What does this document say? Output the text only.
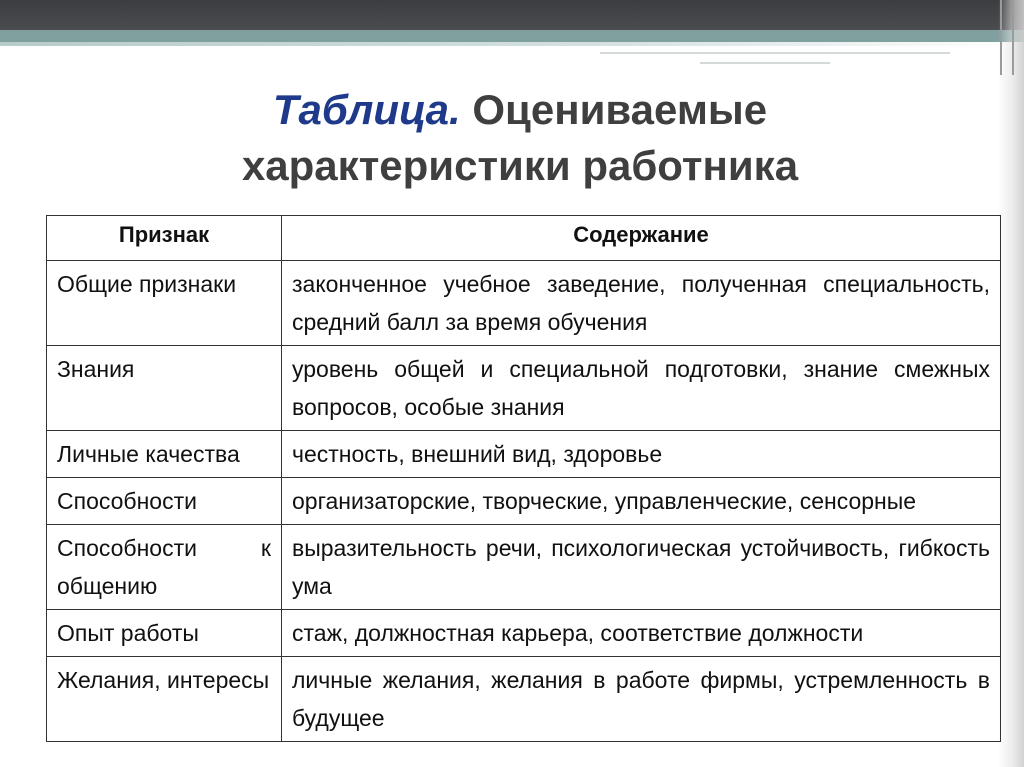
Таблица. Оцениваемые характеристики работника
Признак	Содержание
Общие признаки	законченное учебное заведение, полученная специальность, средний балл за время обучения
Знания	уровень общей и специальной подготовки, знание смежных вопросов, особые знания
Личные качества	честность, внешний вид, здоровье
Способности	организаторские, творческие, управленческие, сенсорные
Способности к общению	выразительность речи, психологическая устойчивость, гибкость ума
Опыт работы	стаж, должностная карьера, соответствие должности
Желания, интересы	личные желания, желания в работе фирмы, устремленность в будущее
